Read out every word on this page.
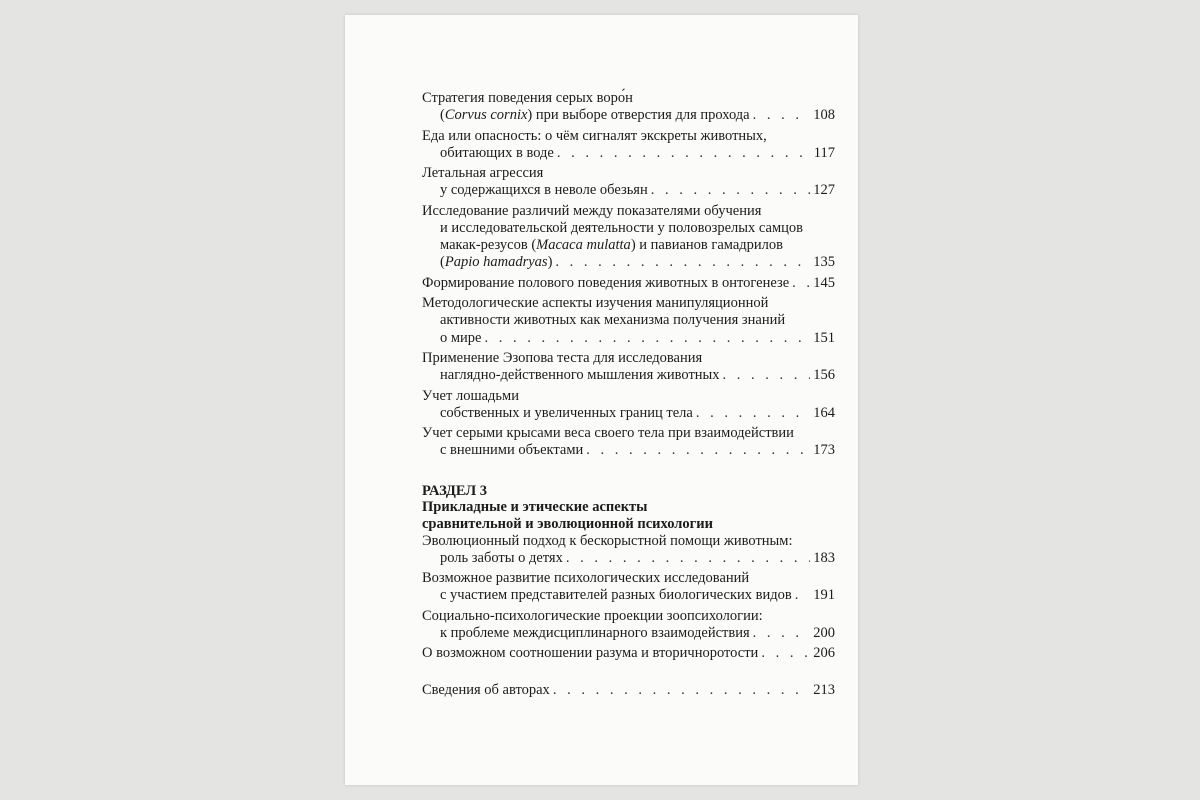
Стратегия поведения серых воро́н
(Corvus cornix) при выборе отверстия для прохода . . .	108
Еда или опасность: о чём сигналят экскреты животных,
обитающих в воде . . .	117
Летальная агрессия
у содержащихся в неволе обезьян . . .	127
Исследование различий между показателями обучения
и исследовательской деятельности у половозрелых самцов
макак-резусов (Macaca mulatta) и павианов гамадрилов
(Papio hamadryas) . . .	135
Формирование полового поведения животных в онтогенезе . . . 145
Методологические аспекты изучения манипуляционной
активности животных как механизма получения знаний
о мире . . .	151
Применение Эзопова теста для исследования
наглядно-действенного мышления животных . . .	156
Учет лошадьми
собственных и увеличенных границ тела . . .	164
Учет серыми крысами веса своего тела при взаимодействии
с внешними объектами . . .	173
РАЗДЕЛ 3
Прикладные и этические аспекты
сравнительной и эволюционной психологии
Эволюционный подход к бескорыстной помощи животным:
роль заботы о детях . . .	183
Возможное развитие психологических исследований
с участием представителей разных биологических видов . . . 191
Социально-психологические проекции зоопсихологии:
к проблеме междисциплинарного взаимодействия . . .	200
О возможном соотношении разума и вторичноротости . . .	206
Сведения об авторах . . .	213
